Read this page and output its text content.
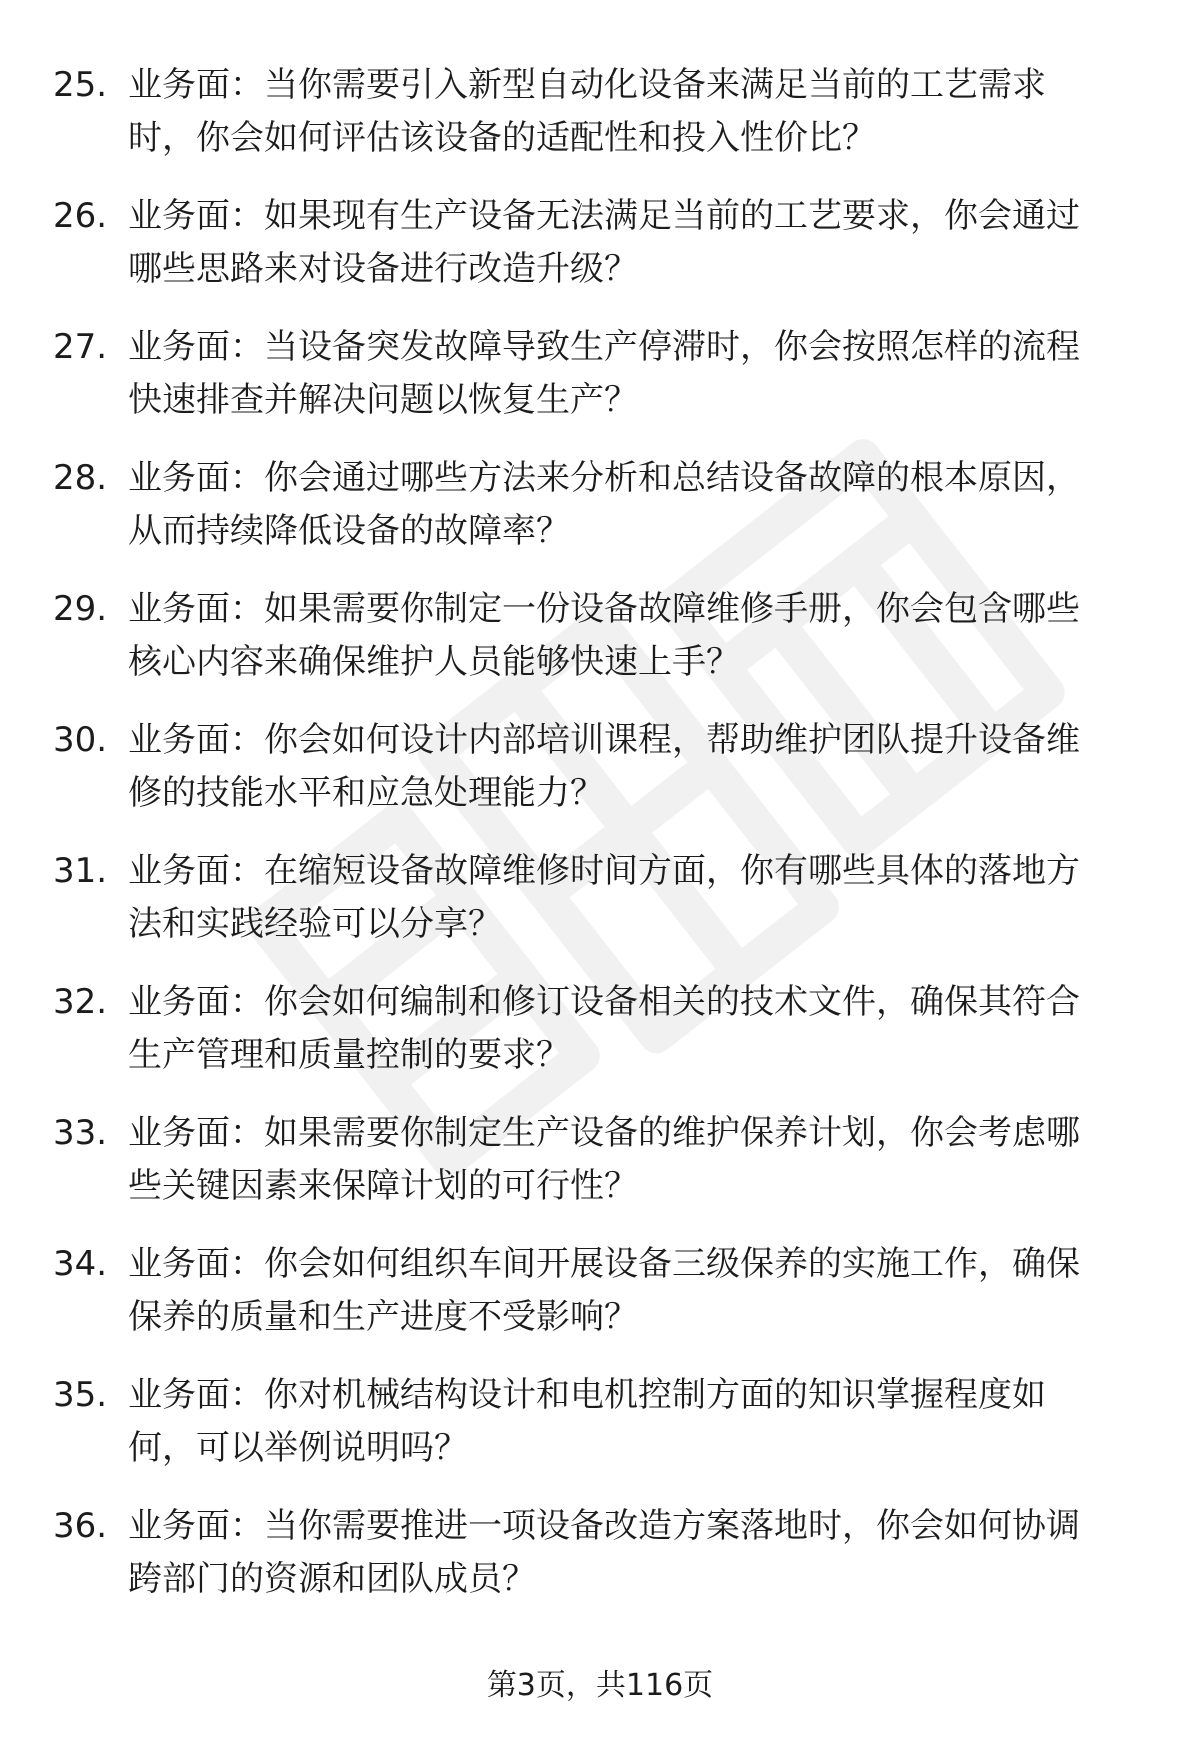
25. 业务面：当你需要引入新型自动化设备来满足当前的工艺需求
时，你会如何评估该设备的适配性和投入性价比？
26. 业务面：如果现有生产设备无法满足当前的工艺要求，你会通过
哪些思路来对设备进行改造升级？
27. 业务面：当设备突发故障导致生产停滞时，你会按照怎样的流程
快速排查并解决问题以恢复生产？
28. 业务面：你会通过哪些方法来分析和总结设备故障的根本原因，
从而持续降低设备的故障率？
29. 业务面：如果需要你制定一份设备故障维修手册，你会包含哪些
核心内容来确保维护人员能够快速上手？
30. 业务面：你会如何设计内部培训课程，帮助维护团队提升设备维
修的技能水平和应急处理能力？
31. 业务面：在缩短设备故障维修时间方面，你有哪些具体的落地方
法和实践经验可以分享？
32. 业务面：你会如何编制和修订设备相关的技术文件，确保其符合
生产管理和质量控制的要求？
33. 业务面：如果需要你制定生产设备的维护保养计划，你会考虑哪
些关键因素来保障计划的可行性？
34. 业务面：你会如何组织车间开展设备三级保养的实施工作，确保
保养的质量和生产进度不受影响？
35. 业务面：你对机械结构设计和电机控制方面的知识掌握程度如
何，可以举例说明吗？
36. 业务面：当你需要推进一项设备改造方案落地时，你会如何协调
跨部门的资源和团队成员？
第3页，共116页
